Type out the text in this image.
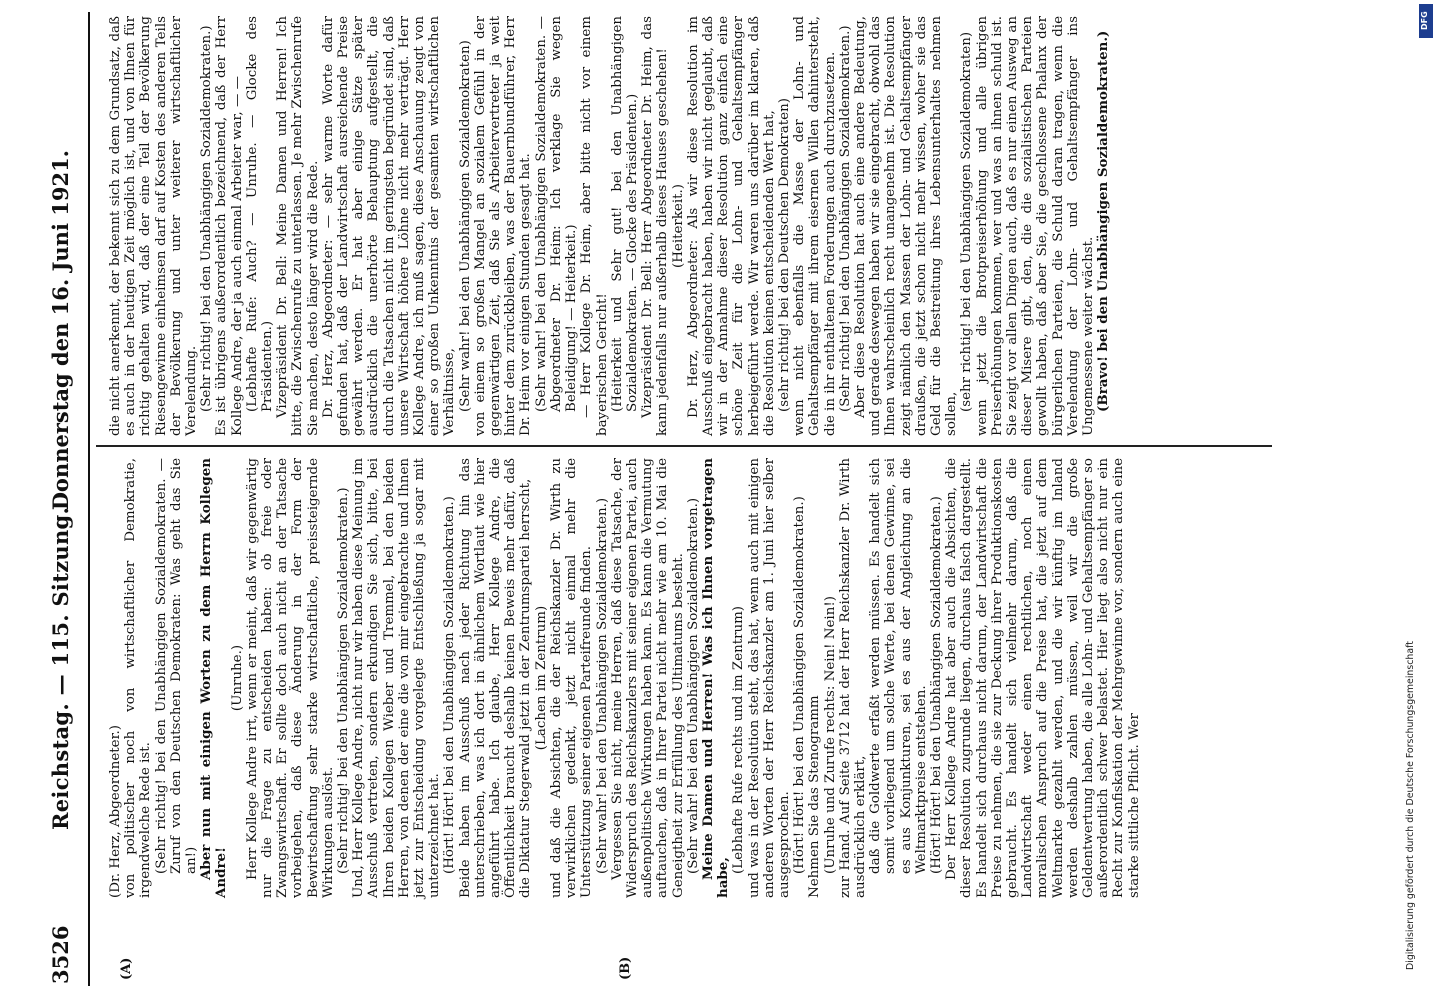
3526
Reichstag. — 115. Sitzung.
Donnerstag den 16. Juni 1921.
(A)	(B)

(Dr. Herz, Abgeordneter.) von politischer noch von wirtschaftlicher Demokratie, irgendwelche Rede ist. (Sehr richtig! bei den Unabhängigen Sozialdemokraten. — Zuruf von den Deutschen Demokraten: Was geht das Sie an!) Aber nun mit einigen Worten zu dem Herrn Kollegen Andre!

(Unruhe.) Herr Kollege Andre irrt, wenn er meint, daß wir gegenwärtig nur die Frage zu entscheiden haben: ob freie oder Zwangswirtschaft. Er sollte doch auch nicht an der Tatsache vorbeigehen, daß diese Änderung in der Form der Bewirtschaftung sehr starke wirtschaftliche, preissteigernde Wirkungen auslöst. (Sehr richtig! bei den Unabhängigen Sozialdemokraten.) Und, Herr Kollege Andre, nicht nur wir haben diese Meinung im Ausschuß vertreten, sondern erkundigen Sie sich, bitte, bei Ihren beiden Kollegen Wieber und Tremmel, bei den beiden Herren, von denen der eine die von mir eingebrachte und Ihnen jetzt zur Entscheidung vorgelegte Entschließung ja sogar mit unterzeichnet hat. (Hört! Hört! bei den Unabhängigen Sozialdemokraten.) Beide haben im Ausschuß nach jeder Richtung hin das unterschrieben, was ich dort in ähnlichem Wortlaut wie hier angeführt habe. Ich glaube, Herr Kollege Andre, die Öffentlichkeit braucht deshalb keinen Beweis mehr dafür, daß die Diktatur Stegerwald jetzt in der Zentrumspartei herrscht, (Lachen im Zentrum) und daß die Absichten, die der Reichskanzler Dr. Wirth zu verwirklichen gedenkt, jetzt nicht einmal mehr die Unterstützung seiner eigenen Parteifreunde finden. (Sehr wahr! bei den Unabhängigen Sozialdemokraten.) Vergessen Sie nicht, meine Herren, daß diese Tatsache, der Widerspruch des Reichskanzlers mit seiner eigenen Partei, auch außenpolitische Wirkungen haben kann. Es kann die Vermutung auftauchen, daß in Ihrer Partei nicht mehr wie am 10. Mai die Geneigtheit zur Erfüllung des Ultimatums besteht. (Sehr wahr! bei den Unabhängigen Sozialdemokraten.) Meine Damen und Herren! Was ich Ihnen vorgetragen habe,

(Lebhafte Rufe rechts und im Zentrum) und was in der Resolution steht, das hat, wenn auch mit einigen anderen Worten der Herr Reichskanzler am 1. Juni hier selber ausgesprochen. (Hört! Hört! bei den Unabhängigen Sozialdemokraten.) Nehmen Sie das Stenogramm (Unruhe und Zurufe rechts: Nein! Nein!) zur Hand. Auf Seite 3712 hat der Herr Reichskanzler Dr. Wirth ausdrücklich erklärt, daß die Goldwerte erfaßt werden müssen. Es handelt sich somit vorliegend um solche Werte, bei denen Gewinne, sei es aus Konjunkturen, sei es aus der Angleichung an die Weltmarktpreise entstehen. (Hört! Hört! bei den Unabhängigen Sozialdemokraten.) Der Herr Kollege Andre hat aber auch die Absichten, die dieser Resolution zugrunde liegen, durchaus falsch dargestellt. Es handelt sich durchaus nicht darum, der Landwirtschaft die Preise zu nehmen, die sie zur Deckung ihrer Produktionskosten gebraucht. Es handelt sich vielmehr darum, daß die Landwirtschaft weder einen rechtlichen, noch einen moralischen Anspruch auf die Preise hat, die jetzt auf dem Weltmarkte gezahlt werden, und die wir künftig im Inland werden deshalb zahlen müssen, weil wir die große Geldentwertung haben, die alle Lohn- und Gehaltsempfänger so außerordentlich schwer belastet. Hier liegt also nicht nur ein Recht zur Konfiskation der Mehrgewinne vor, sondern auch eine starke sittliche Pflicht. Wer

die nicht anerkennt, der bekennt sich zu dem Grundsatz, daß es auch in der heutigen Zeit möglich ist, und von Ihnen für richtig gehalten wird, daß der eine Teil der Bevölkerung Riesengewinne einheimsen darf auf Kosten des anderen Teils der Bevölkerung und unter weiterer wirtschaftlicher Verelendung. (Sehr richtig! bei den Unabhängigen Sozialdemokraten.) Es ist übrigens außerordentlich bezeichnend, daß der Herr Kollege Andre, der ja auch einmal Arbeiter war, — — (Lebhafte Rufe: Auch? — Unruhe. — Glocke des Präsidenten.) Vizepräsident Dr. Bell: Meine Damen und Herren! Ich bitte, die Zwischenrufe zu unterlassen. Je mehr Zwischenrufe Sie machen, desto länger wird die Rede. Dr. Herz, Abgeordneter: — sehr warme Worte dafür gefunden hat, daß der Landwirtschaft ausreichende Preise gewährt werden. Er hat aber einige Sätze später ausdrücklich die unerhörte Behauptung aufgestellt, die durch die Tatsachen nicht im geringsten begründet sind, daß unsere Wirtschaft höhere Löhne nicht mehr verträgt. Herr Kollege Andre, ich muß sagen, diese Anschauung zeugt von einer so großen Unkenntnis der gesamten wirtschaftlichen Verhältnisse, (Sehr wahr! bei den Unabhängigen Sozialdemokraten) von einem so großen Mangel an sozialem Gefühl in der gegenwärtigen Zeit, daß Sie als Arbeitervertreter ja weit hinter dem zurückbleiben, was der Bauernbundführer, Herr Dr. Heim vor einigen Stunden gesagt hat. (Sehr wahr! bei den Unabhängigen Sozialdemokraten. — Abgeordneter Dr. Heim: Ich verklage Sie wegen Beleidigung! — Heiterkeit.) — Herr Kollege Dr. Heim, aber bitte nicht vor einem bayerischen Gericht! (Heiterkeit und Sehr gut! bei den Unabhängigen Sozialdemokraten. — Glocke des Präsidenten.) Vizepräsident Dr. Bell: Herr Abgeordneter Dr. Heim, das kann jedenfalls nur außerhalb dieses Hauses geschehen! (Heiterkeit.) Dr. Herz, Abgeordneter: Als wir diese Resolution im Ausschuß eingebracht haben, haben wir nicht geglaubt, daß wir in der Annahme dieser Resolution ganz einfach eine schöne Zeit für die Lohn- und Gehaltsempfänger herbeigeführt werde. Wir waren uns darüber im klaren, daß die Resolution keinen entscheidenden Wert hat, (sehr richtig! bei den Deutschen Demokraten) wenn nicht ebenfalls die Masse der Lohn- und Gehaltsempfänger mit ihrem eisernen Willen dahintersteht, die in ihr enthaltenen Forderungen auch durchzusetzen. (Sehr richtig! bei den Unabhängigen Sozialdemokraten.) Aber diese Resolution hat auch eine andere Bedeutung, und gerade deswegen haben wir sie eingebracht, obwohl das Ihnen wahrscheinlich recht unangenehm ist. Die Resolution zeigt nämlich den Massen der Lohn- und Gehaltsempfänger draußen, die jetzt schon nicht mehr wissen, woher sie das Geld für die Bestreitung ihres Lebensunterhaltes nehmen sollen,

(sehr richtig! bei den Unabhängigen Sozialdemokraten) wenn jetzt die Brotpreiserhöhung und alle übrigen Preiserhöhungen kommen, wer und was an ihnen schuld ist. Sie zeigt vor allen Dingen auch, daß es nur einen Ausweg an dieser Misere gibt, den, die die sozialistischen Parteien gewollt haben, daß aber Sie, die geschlossene Phalanx der bürgerlichen Parteien, die Schuld daran tragen, wenn die Verelendung der Lohn- und Gehaltsempfänger ins Ungemessene weiter wächst. (Bravo! bei den Unabhängigen Sozialdemokraten.)

Digitalisierung gefördert durch die Deutsche Forschungsgemeinschaft
DFG
